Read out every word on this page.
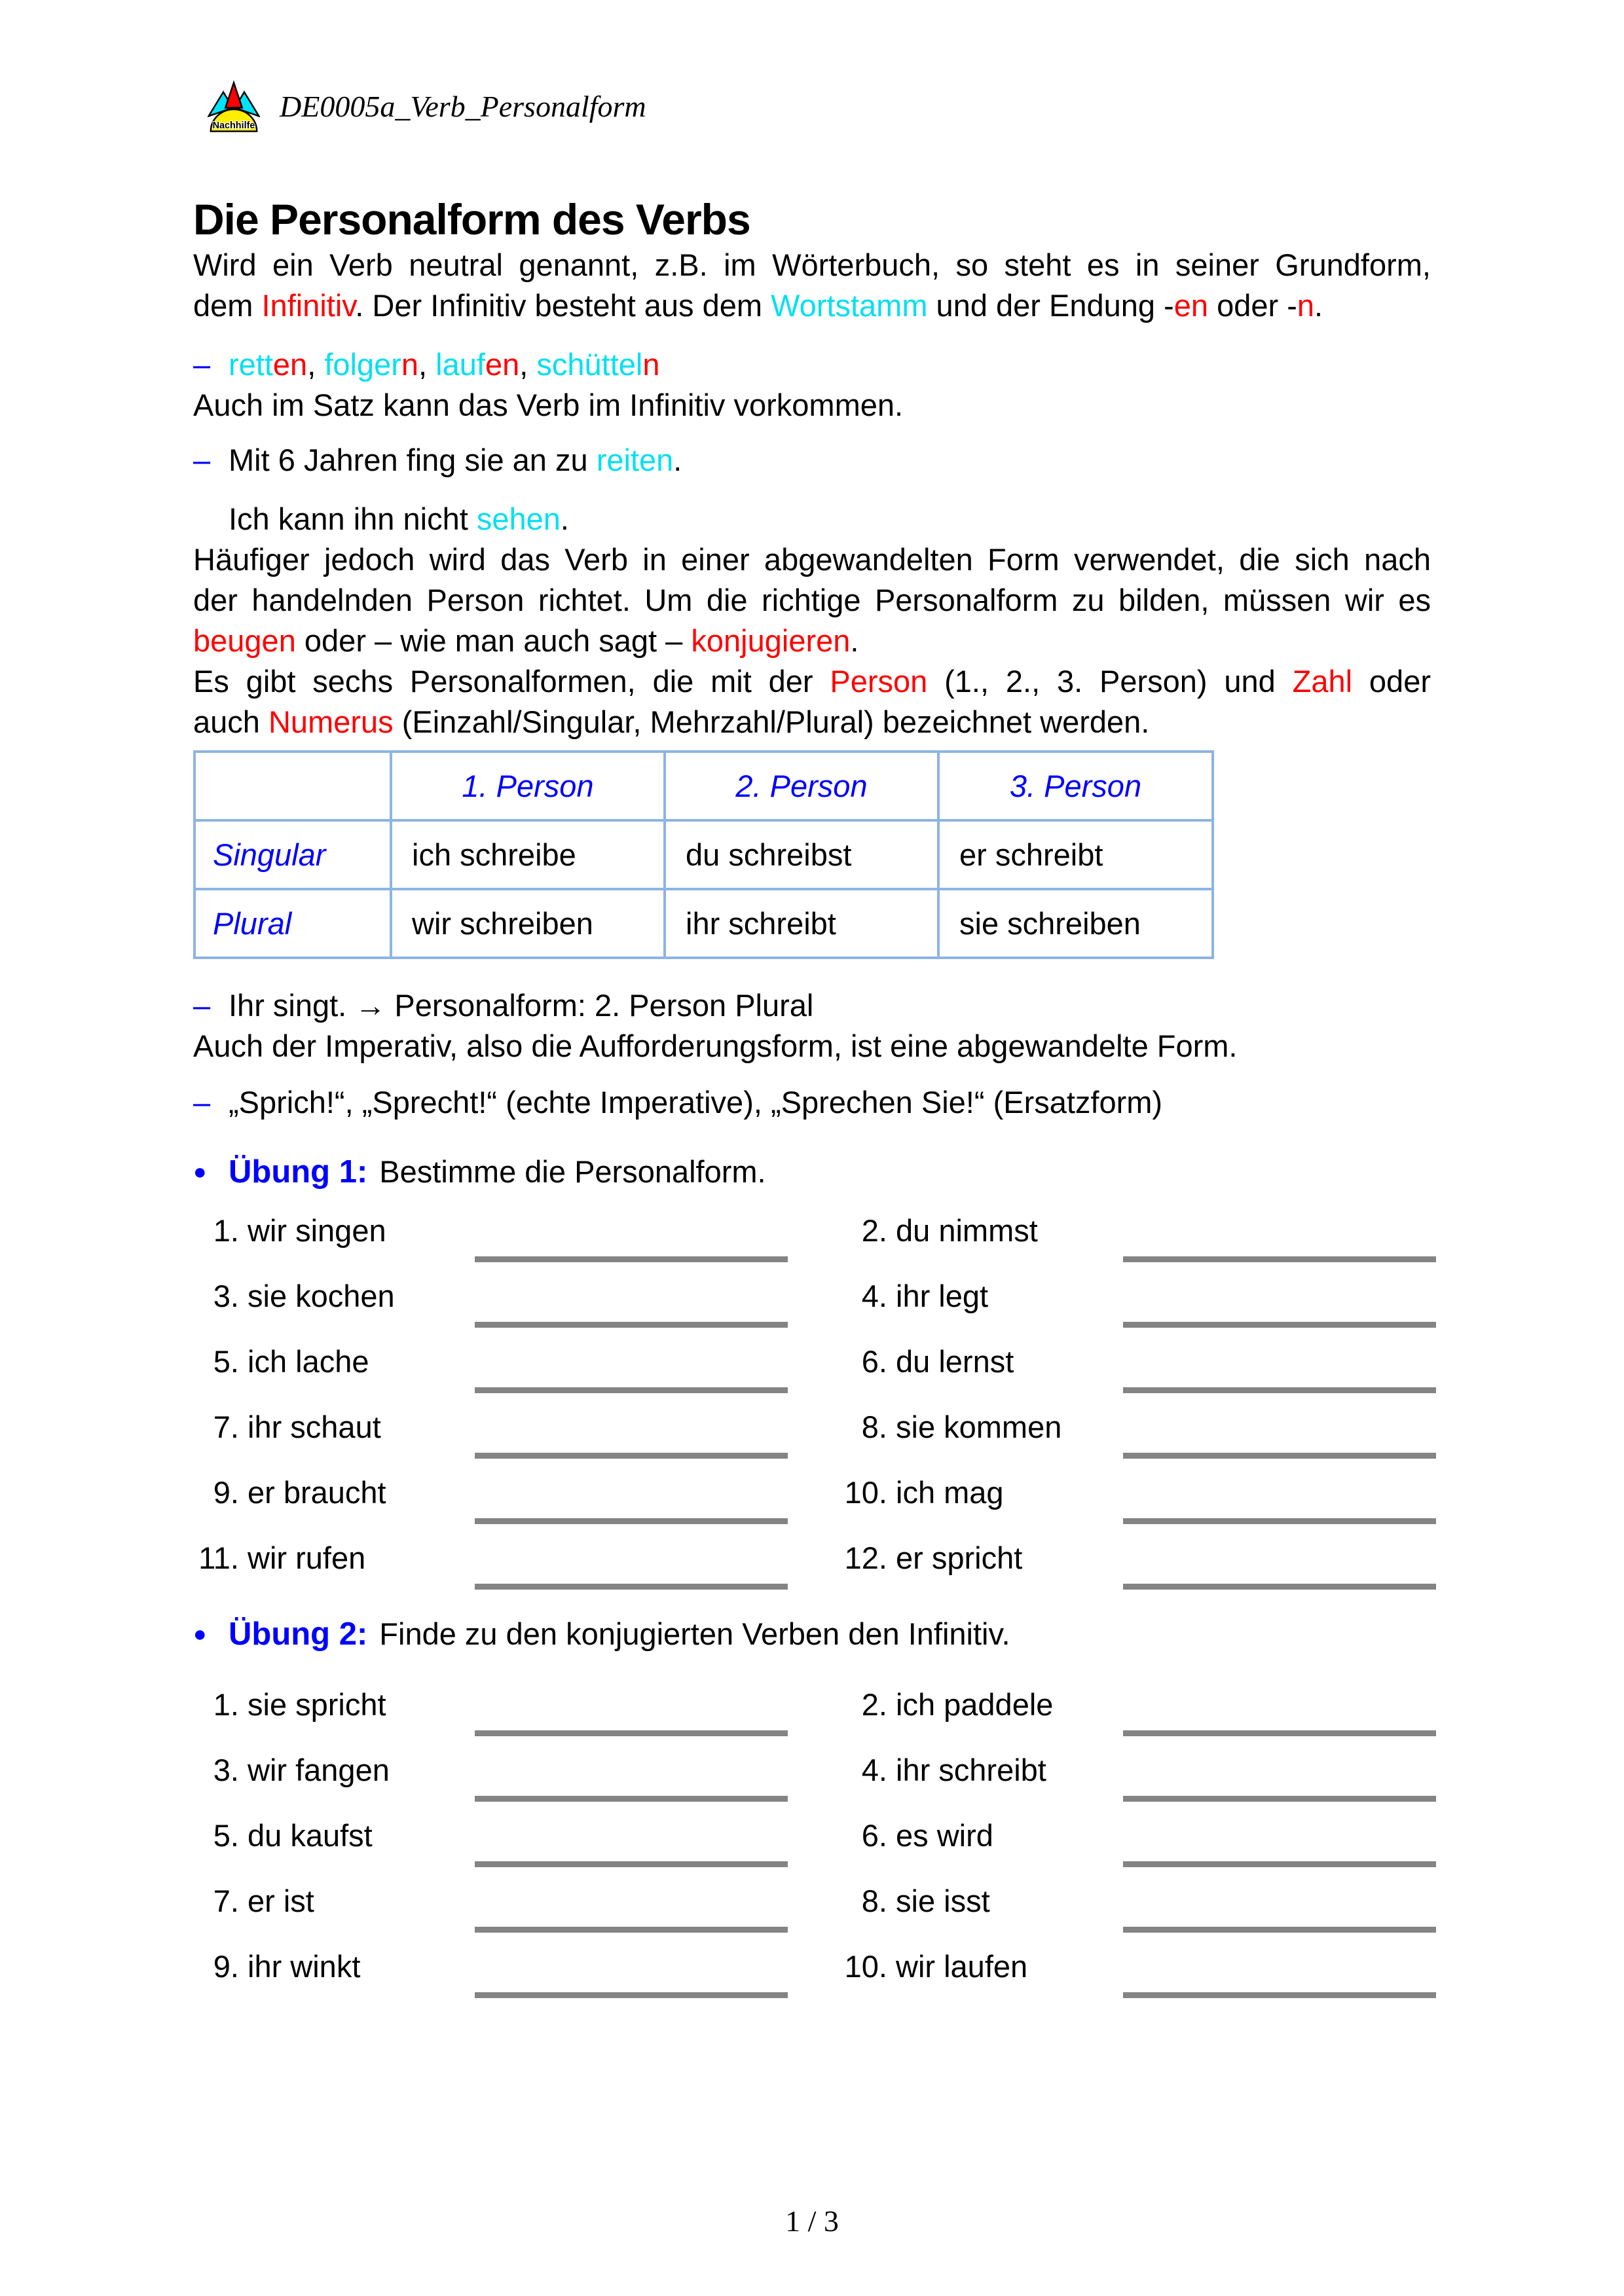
Nachhilfe
DE0005a_Verb_Personalform
Die Personalform des Verbs

Wird ein Verb neutral genannt, z.B. im Wörterbuch, so steht es in seiner Grundform,
dem Infinitiv. Der Infinitiv besteht aus dem Wortstamm und der Endung -en oder -n.

– retten, folgern, laufen, schütteln

Auch im Satz kann das Verb im Infinitiv vorkommen.

– Mit 6 Jahren fing sie an zu reiten.
Ich kann ihn nicht sehen.

Häufiger jedoch wird das Verb in einer abgewandelten Form verwendet, die sich nach
der handelnden Person richtet. Um die richtige Personalform zu bilden, müssen wir es
beugen oder – wie man auch sagt – konjugieren.

Es gibt sechs Personalformen, die mit der Person (1., 2., 3. Person) und Zahl oder
auch Numerus (Einzahl/Singular, Mehrzahl/Plural) bezeichnet werden.

	1. Person	2. Person	3. Person
Singular	ich schreibe	du schreibst	er schreibt
Plural	wir schreiben	ihr schreibt	sie schreiben
– Ihr singt. → Personalform: 2. Person Plural

Auch der Imperativ, also die Aufforderungsform, ist eine abgewandelte Form.

– „Sprich!“, „Sprecht!“ (echte Imperative), „Sprechen Sie!“ (Ersatzform)
● Übung 1: Bestimme die Personalform.
1. wir singen	2. du nimmst
3. sie kochen	4. ihr legt
5. ich lache	6. du lernst
7. ihr schaut	8. sie kommen
9. er braucht	10. ich mag
11. wir rufen	12. er spricht
● Übung 2: Finde zu den konjugierten Verben den Infinitiv.
1. sie spricht	2. ich paddele
3. wir fangen	4. ihr schreibt
5. du kaufst	6. es wird
7. er ist	8. sie isst
9. ihr winkt	10. wir laufen
1 / 3
